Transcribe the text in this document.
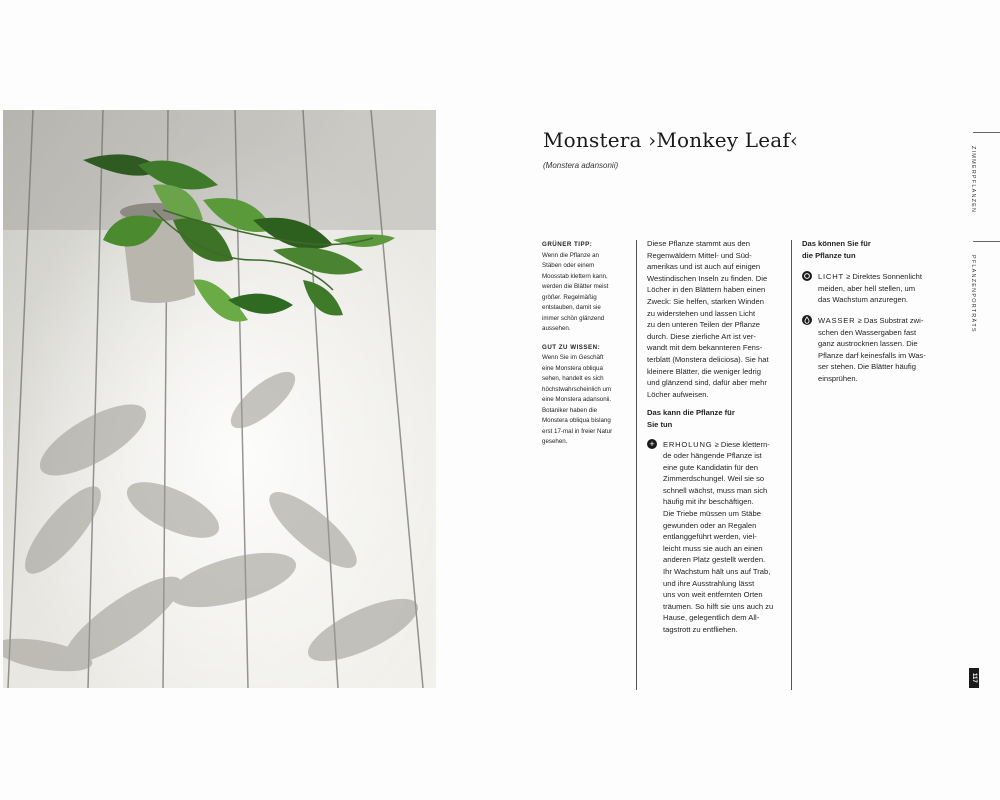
Monstera ›Monkey Leaf‹
(Monstera adansonii)
GRÜNER TIPP:
Wenn die Pflanze an
Stäben oder einem
Moosstab klettern kann,
werden die Blätter meist
größer. Regelmäßig
entstauben, damit sie
immer schön glänzend
aussehen.
GUT ZU WISSEN:
Wenn Sie im Geschäft
eine Monstera obliqua
sehen, handelt es sich
höchstwahrscheinlich um
eine Monstera adansonii.
Botaniker haben die
Monstera obliqua bislang
erst 17-mal in freier Natur
gesehen.

Diese Pflanze stammt aus den

Regenwäldern Mittel- und Süd-

amerikas und ist auch auf einigen

Westindischen Inseln zu finden. Die

Löcher in den Blättern haben einen

Zweck: Sie helfen, starken Winden

zu widerstehen und lassen Licht

zu den unteren Teilen der Pflanze

durch. Diese zierliche Art ist ver-

wandt mit dem bekannteren Fens-

terblatt (Monstera deliciosa). Sie hat

kleinere Blätter, die weniger ledrig

und glänzend sind, dafür aber mehr

Löcher aufweisen.

Das kann die Pflanze für
Sie tun
+	ERHOLUNG ≥ Diese klettern-

de oder hängende Pflanze ist

eine gute Kandidatin für den

Zimmerdschungel. Weil sie so

schnell wächst, muss man sich

häufig mit ihr beschäftigen.

Die Triebe müssen um Stäbe

gewunden oder an Regalen

entlanggeführt werden, viel-

leicht muss sie auch an einen

anderen Platz gestellt werden.

Ihr Wachstum hält uns auf Trab,

und ihre Ausstrahlung lässt

uns von weit entfernten Orten

träumen. So hilft sie uns auch zu

Hause, gelegentlich dem All-

tagstrott zu entfliehen.

Das können Sie für
die Pflanze tun

LICHT ≥ Direktes Sonnenlicht

meiden, aber hell stellen, um

das Wachstum anzuregen.

WASSER ≥ Das Substrat zwi-

schen den Wassergaben fast

ganz austrocknen lassen. Die

Pflanze darf keinesfalls im Was-

ser stehen. Die Blätter häufig

einsprühen.

ZIMMERPFLANZEN
PFLANZENPORTRÄTS
117
